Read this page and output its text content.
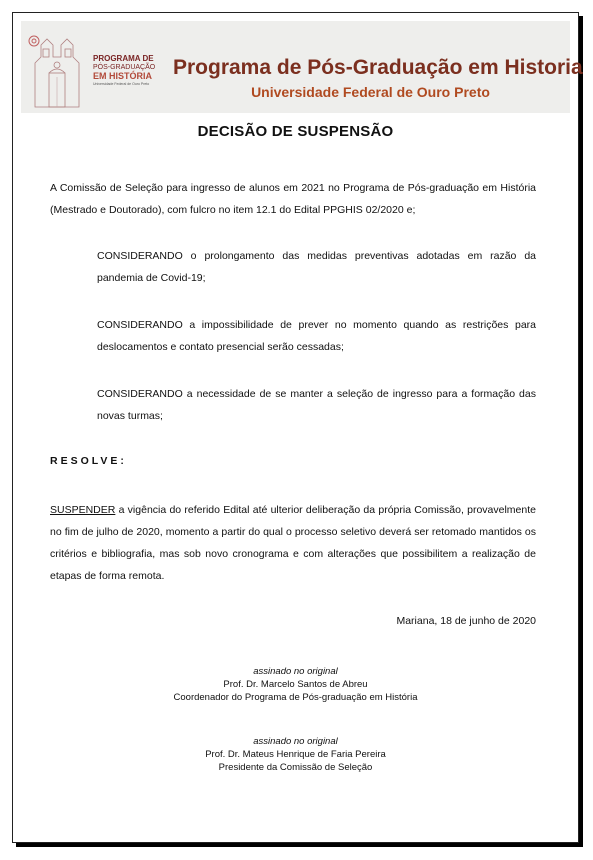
PROGRAMA DE
PÓS-GRADUAÇÃO
EM HISTÓRIA
Universidade Federal de Ouro Preto
Programa de Pós-Graduação em Historia
Universidade Federal de Ouro Preto
DECISÃO DE SUSPENSÃO
A Comissão de Seleção para ingresso de alunos em 2021 no Programa de Pós-graduação em História (Mestrado e Doutorado), com fulcro no item 12.1 do Edital PPGHIS 02/2020 e;
CONSIDERANDO o prolongamento das medidas preventivas adotadas em razão da pandemia de Covid-19;
CONSIDERANDO a impossibilidade de prever no momento quando as restrições para deslocamentos e contato presencial serão cessadas;
CONSIDERANDO a necessidade de se manter a seleção de ingresso para a formação das novas turmas;
RESOLVE:
SUSPENDER a vigência do referido Edital até ulterior deliberação da própria Comissão, provavelmente no fim de julho de 2020, momento a partir do qual o processo seletivo deverá ser retomado mantidos os critérios e bibliografia, mas sob novo cronograma e com alterações que possibilitem a realização de etapas de forma remota.
Mariana, 18 de junho de 2020
assinado no original
Prof. Dr. Marcelo Santos de Abreu
Coordenador do Programa de Pós-graduação em História
assinado no original
Prof. Dr. Mateus Henrique de Faria Pereira
Presidente da Comissão de Seleção
